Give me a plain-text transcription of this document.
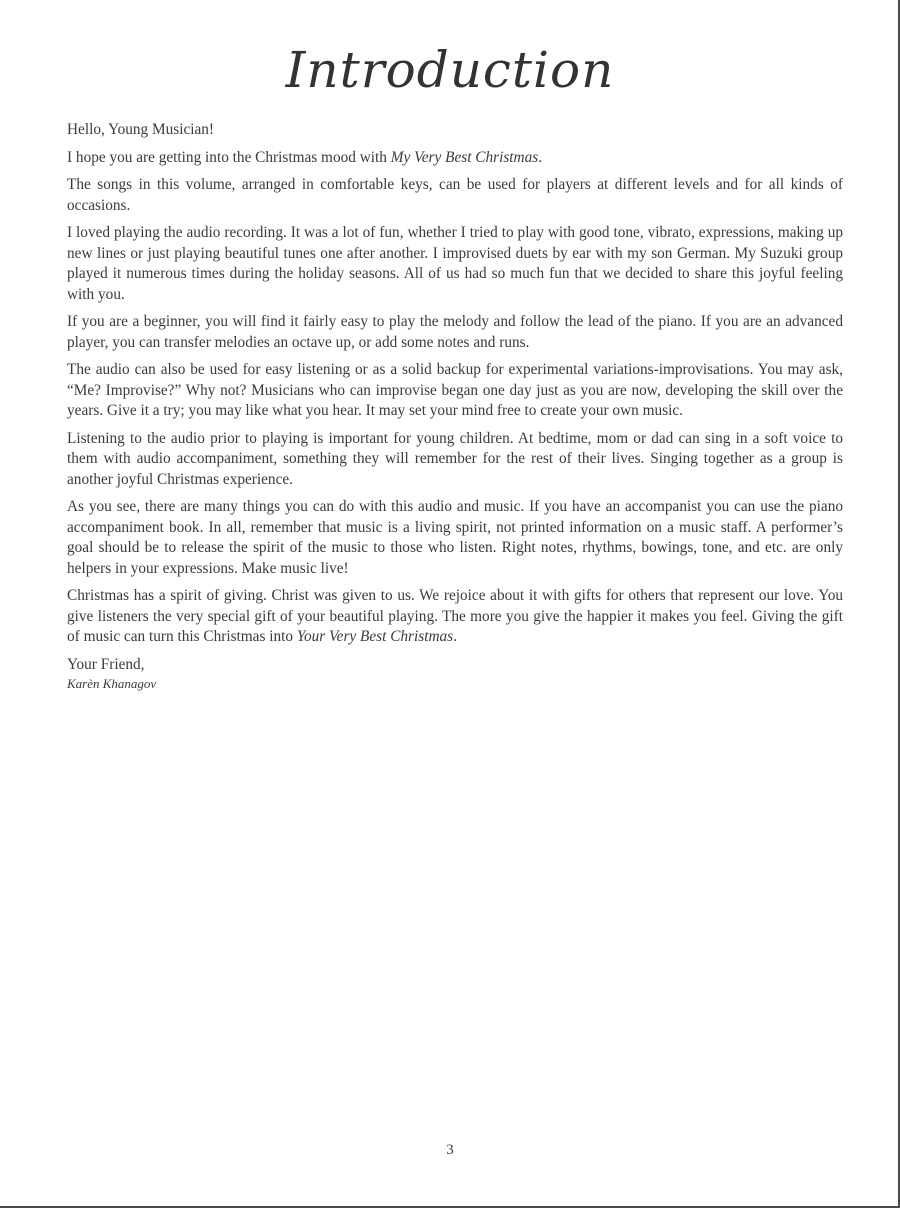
Introduction

Hello, Young Musician!

I hope you are getting into the Christmas mood with My Very Best Christmas.

The songs in this volume, arranged in comfortable keys, can be used for players at different levels and for all kinds of occasions.

I loved playing the audio recording. It was a lot of fun, whether I tried to play with good tone, vibrato, expressions, making up new lines or just playing beautiful tunes one after another. I improvised duets by ear with my son German. My Suzuki group played it numerous times during the holiday seasons. All of us had so much fun that we decided to share this joyful feeling with you.

If you are a beginner, you will find it fairly easy to play the melody and follow the lead of the piano. If you are an advanced player, you can transfer melodies an octave up, or add some notes and runs.

The audio can also be used for easy listening or as a solid backup for experimental variations-improvisations. You may ask, “Me? Improvise?” Why not? Musicians who can improvise began one day just as you are now, developing the skill over the years. Give it a try; you may like what you hear. It may set your mind free to create your own music.

Listening to the audio prior to playing is important for young children. At bedtime, mom or dad can sing in a soft voice to them with audio accompaniment, something they will remember for the rest of their lives. Singing together as a group is another joyful Christmas experience.

As you see, there are many things you can do with this audio and music. If you have an accompanist you can use the piano accompaniment book. In all, remember that music is a living spirit, not printed information on a music staff. A performer’s goal should be to release the spirit of the music to those who listen. Right notes, rhythms, bowings, tone, and etc. are only helpers in your expressions. Make music live!

Christmas has a spirit of giving. Christ was given to us. We rejoice about it with gifts for others that represent our love. You give listeners the very special gift of your beautiful playing. The more you give the happier it makes you feel. Giving the gift of music can turn this Christmas into Your Very Best Christmas.

Your Friend,
Karèn Khanagov
3
